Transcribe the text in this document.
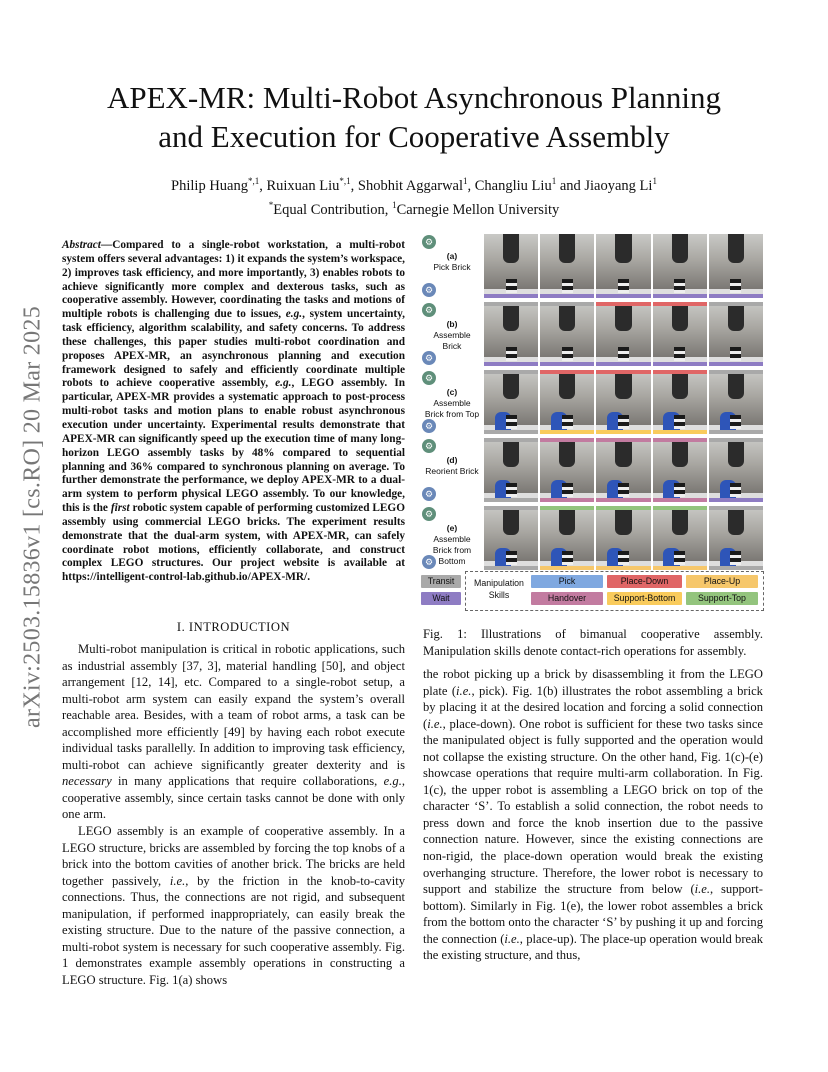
arXiv:2503.15836v1 [cs.RO] 20 Mar 2025
APEX-MR: Multi-Robot Asynchronous Planning
and Execution for Cooperative Assembly
Philip Huang$^{*,1}$, Ruixuan Liu$^{*,1}$, Shobhit Aggarwal$^1$, Changliu Liu$^1$ and Jiaoyang Li$^1$
*Equal Contribution, $^1$Carnegie Mellon University
Abstract—Compared to a single-robot workstation, a multi-robot system offers several advantages: 1) it expands the system’s workspace, 2) improves task efficiency, and more importantly, 3) enables robots to achieve significantly more complex and dexterous tasks, such as cooperative assembly. However, coordinating the tasks and motions of multiple robots is challenging due to issues, e.g., system uncertainty, task efficiency, algorithm scalability, and safety concerns. To address these challenges, this paper studies multi-robot coordination and proposes APEX-MR, an asynchronous planning and execution framework designed to safely and efficiently coordinate multiple robots to achieve cooperative assembly, e.g., LEGO assembly. In particular, APEX-MR provides a systematic approach to post-process multi-robot tasks and motion plans to enable robust asynchronous execution under uncertainty. Experimental results demonstrate that APEX-MR can significantly speed up the execution time of many long-horizon LEGO assembly tasks by 48% compared to sequential planning and 36% compared to synchronous planning on average. To further demonstrate the performance, we deploy APEX-MR to a dual-arm system to perform physical LEGO assembly. To our knowledge, this is the first robotic system capable of performing customized LEGO assembly using commercial LEGO bricks. The experiment results demonstrate that the dual-arm system, with APEX-MR, can safely coordinate robot motions, efficiently collaborate, and construct complex LEGO structures. Our project website is available at https://intelligent-control-lab.github.io/APEX-MR/.
I. INTRODUCTION

Multi-robot manipulation is critical in robotic applications, such as industrial assembly [37, 3], material handling [50], and object arrangement [12, 14], etc. Compared to a single-robot setup, a multi-robot arm system can easily expand the system’s overall reachable area. Besides, with a team of robot arms, a task can be accomplished more efficiently [49] by having each robot execute individual tasks parallelly. In addition to improving task efficiency, multi-robot can achieve significantly greater dexterity and is necessary in many applications that require collaborations, e.g., cooperative assembly, since certain tasks cannot be done with only one arm.

LEGO assembly is an example of cooperative assembly. In a LEGO structure, bricks are assembled by forcing the top knobs of a brick into the bottom cavities of another brick. The bricks are held together passively, i.e., by the friction in the knob-to-cavity connections. Thus, the connections are not rigid, and subsequent manipulation, if performed inappropriately, can easily break the existing structure. Due to the nature of the passive connection, a multi-robot system is necessary for such cooperative assembly. Fig. 1 demonstrates example assembly operations in constructing a LEGO structure. Fig. 1(a) shows

⚙
(a)
Pick Brick
⚙
⚙
(b)
Assemble Brick
⚙
⚙
(c)
Assemble Brick from Top
⚙
⚙
(d)
Reorient Brick
⚙
⚙
(e)
Assemble Brick from Bottom
⚙
Transit
Wait
Manipulation Skills
Pick	Place-Down	Place-Up
Handover	Support-Bottom	Support-Top
Fig. 1: Illustrations of bimanual cooperative assembly. Manipulation skills denote contact-rich operations for assembly.

the robot picking up a brick by disassembling it from the LEGO plate (i.e., pick). Fig. 1(b) illustrates the robot assembling a brick by placing it at the desired location and forcing a solid connection (i.e., place-down). One robot is sufficient for these two tasks since the manipulated object is fully supported and the operation would not collapse the existing structure. On the other hand, Fig. 1(c)-(e) showcase operations that require multi-arm collaboration. In Fig. 1(c), the upper robot is assembling a LEGO brick on top of the character ‘S’. To establish a solid connection, the robot needs to press down and force the knob insertion due to the passive connection nature. However, since the existing connections are non-rigid, the place-down operation would break the existing overhanging structure. Therefore, the lower robot is necessary to support and stabilize the structure from below (i.e., support-bottom). Similarly in Fig. 1(e), the lower robot assembles a brick from the bottom onto the character ‘S’ by pushing it up and forcing the connection (i.e., place-up). The place-up operation would break the existing structure, and thus,
